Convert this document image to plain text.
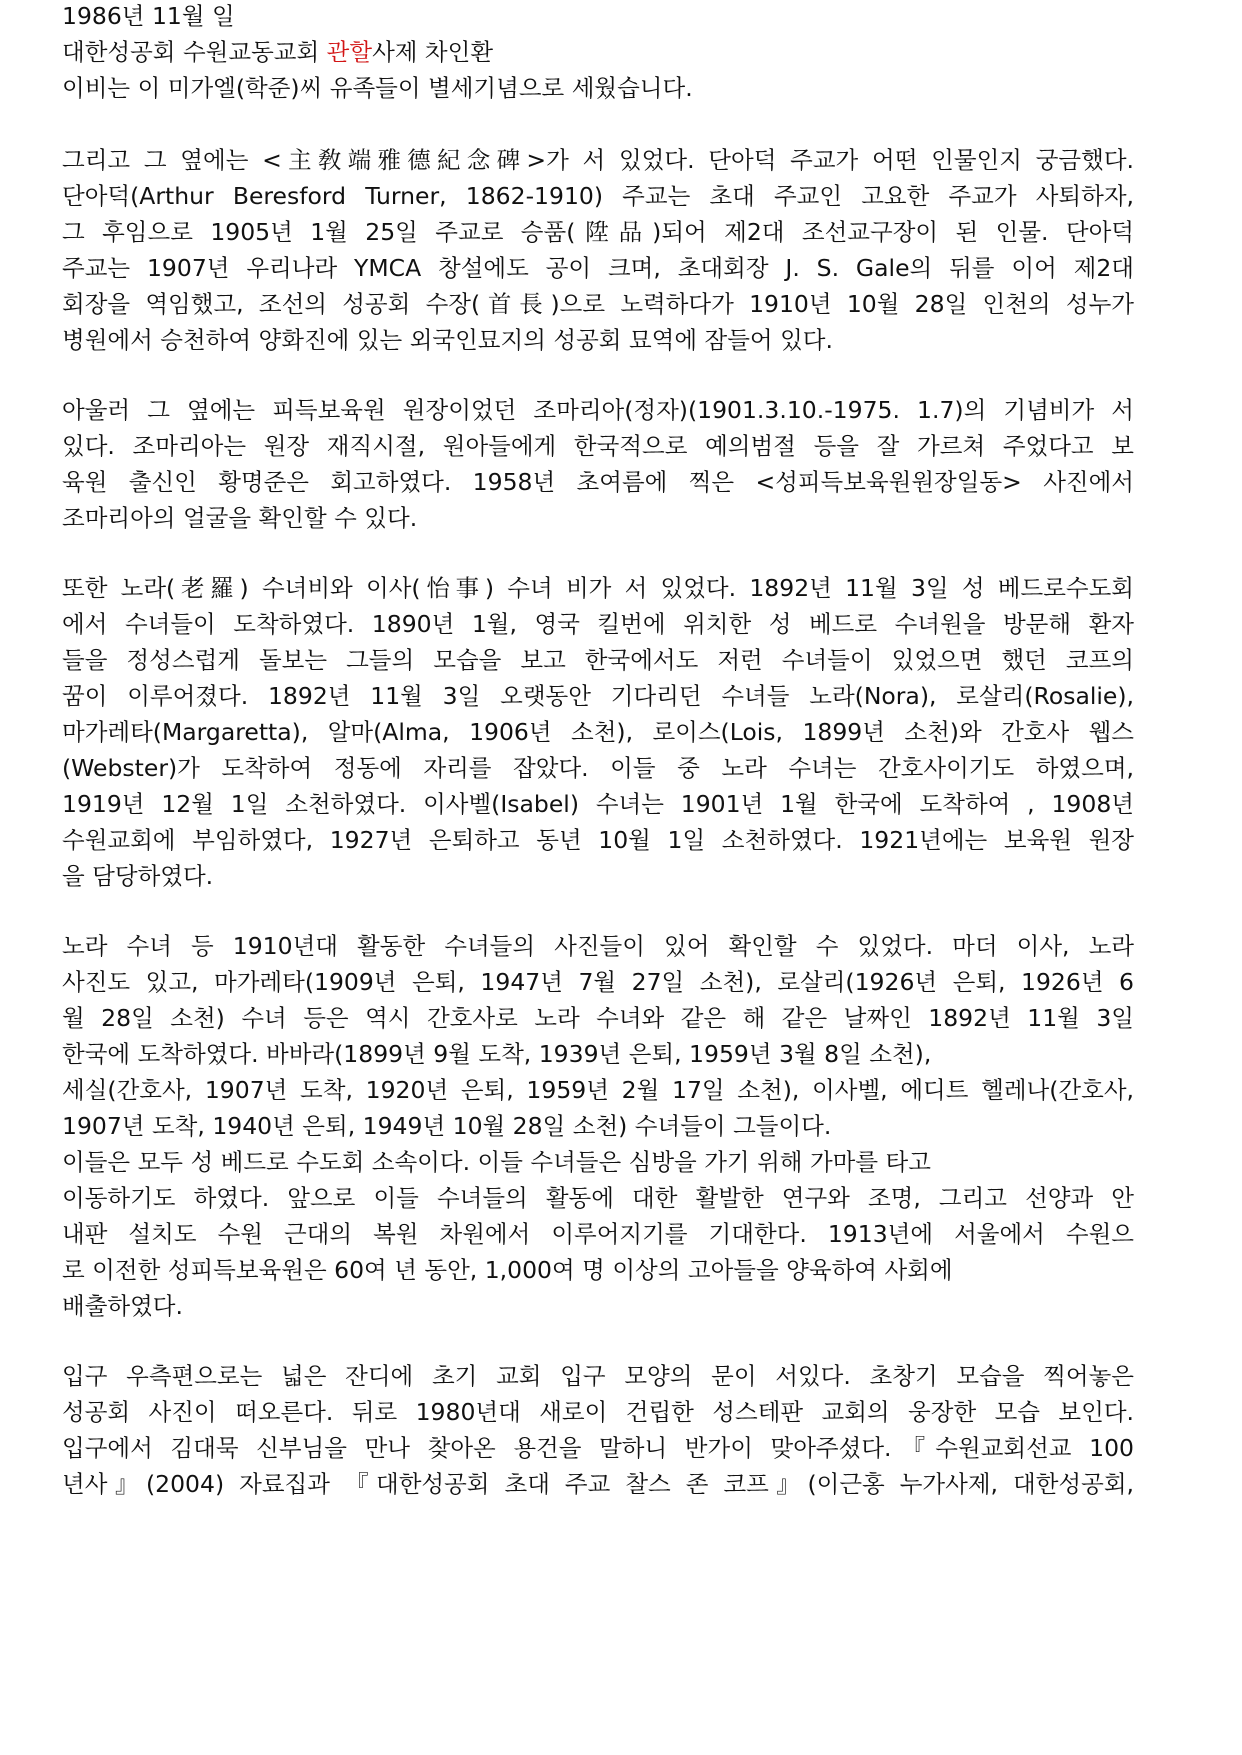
1986년 11월 일
대한성공회 수원교동교회 관할사제 차인환
이비는 이 미가엘(학준)씨 유족들이 별세기념으로 세웠습니다.
그리고 그 옆에는 <主敎端雅德紀念碑>가 서 있었다. 단아덕 주교가 어떤 인물인지 궁금했다.
단아덕(Arthur Beresford Turner, 1862-1910) 주교는 초대 주교인 고요한 주교가 사퇴하자,
그 후임으로 1905년 1월 25일 주교로 승품(陞品)되어 제2대 조선교구장이 된 인물. 단아덕
주교는 1907년 우리나라 YMCA 창설에도 공이 크며, 초대회장 J. S. Gale의 뒤를 이어 제2대
회장을 역임했고, 조선의 성공회 수장(首長)으로 노력하다가 1910년 10월 28일 인천의 성누가
병원에서 승천하여 양화진에 있는 외국인묘지의 성공회 묘역에 잠들어 있다.
아울러 그 옆에는 피득보육원 원장이었던 조마리아(정자)(1901.3.10.-1975. 1.7)의 기념비가 서
있다. 조마리아는 원장 재직시절, 원아들에게 한국적으로 예의범절 등을 잘 가르쳐 주었다고 보
육원 출신인 황명준은 회고하였다. 1958년 초여름에 찍은 <성피득보육원원장일동> 사진에서
조마리아의 얼굴을 확인할 수 있다.
또한 노라(老羅) 수녀비와 이사(怡事) 수녀 비가 서 있었다. 1892년 11월 3일 성 베드로수도회
에서 수녀들이 도착하였다. 1890년 1월, 영국 킬번에 위치한 성 베드로 수녀원을 방문해 환자
들을 정성스럽게 돌보는 그들의 모습을 보고 한국에서도 저런 수녀들이 있었으면 했던 코프의
꿈이 이루어졌다. 1892년 11월 3일 오랫동안 기다리던 수녀들 노라(Nora), 로살리(Rosalie),
마가레타(Margaretta), 알마(Alma, 1906년 소천), 로이스(Lois, 1899년 소천)와 간호사 웹스
(Webster)가 도착하여 정동에 자리를 잡았다. 이들 중 노라 수녀는 간호사이기도 하였으며,
1919년 12월 1일 소천하였다. 이사벨(Isabel) 수녀는 1901년 1월 한국에 도착하여 , 1908년
수원교회에 부임하였다, 1927년 은퇴하고 동년 10월 1일 소천하였다. 1921년에는 보육원 원장
을 담당하였다.
노라 수녀 등 1910년대 활동한 수녀들의 사진들이 있어 확인할 수 있었다. 마더 이사, 노라
사진도 있고, 마가레타(1909년 은퇴, 1947년 7월 27일 소천), 로살리(1926년 은퇴, 1926년 6
월 28일 소천) 수녀 등은 역시 간호사로 노라 수녀와 같은 해 같은 날짜인 1892년 11월 3일
한국에 도착하였다. 바바라(1899년 9월 도착, 1939년 은퇴, 1959년 3월 8일 소천),
세실(간호사, 1907년 도착, 1920년 은퇴, 1959년 2월 17일 소천), 이사벨, 에디트 헬레나(간호사,
1907년 도착, 1940년 은퇴, 1949년 10월 28일 소천) 수녀들이 그들이다.
이들은 모두 성 베드로 수도회 소속이다. 이들 수녀들은 심방을 가기 위해 가마를 타고
이동하기도 하였다. 앞으로 이들 수녀들의 활동에 대한 활발한 연구와 조명, 그리고 선양과 안
내판 설치도 수원 근대의 복원 차원에서 이루어지기를 기대한다. 1913년에 서울에서 수원으
로 이전한 성피득보육원은 60여 년 동안, 1,000여 명 이상의 고아들을 양육하여 사회에
배출하였다.
입구 우측편으로는 넓은 잔디에 초기 교회 입구 모양의 문이 서있다. 초창기 모습을 찍어놓은
성공회 사진이 떠오른다. 뒤로 1980년대 새로이 건립한 성스테판 교회의 웅장한 모습 보인다.
입구에서 김대묵 신부님을 만나 찾아온 용건을 말하니 반가이 맞아주셨다.『수원교회선교 100
년사』(2004) 자료집과 『대한성공회 초대 주교 찰스 존 코프』(이근홍 누가사제, 대한성공회,
